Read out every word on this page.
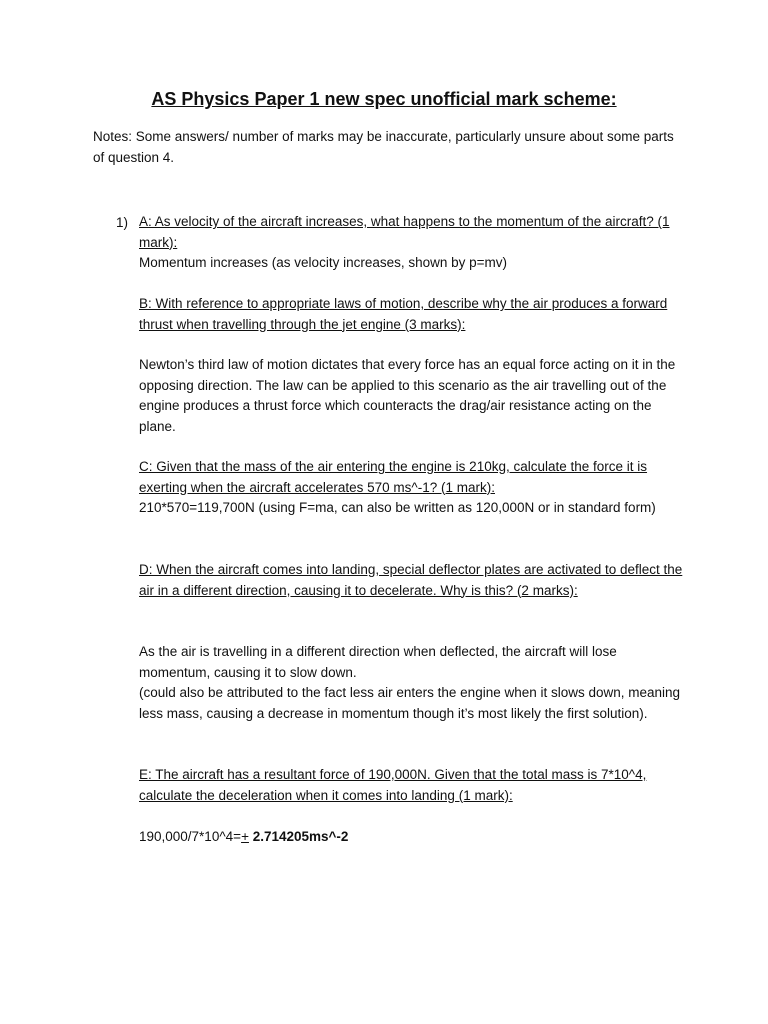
AS Physics Paper 1 new spec unofficial mark scheme:
Notes: Some answers/ number of marks may be inaccurate, particularly unsure about some parts of question 4.
1) A: As velocity of the aircraft increases, what happens to the momentum of the aircraft? (1 mark):
Momentum increases (as velocity increases, shown by p=mv)
B: With reference to appropriate laws of motion, describe why the air produces a forward thrust when travelling through the jet engine (3 marks):
Newton’s third law of motion dictates that every force has an equal force acting on it in the opposing direction. The law can be applied to this scenario as the air travelling out of the engine produces a thrust force which counteracts the drag/air resistance acting on the plane.
C: Given that the mass of the air entering the engine is 210kg, calculate the force it is exerting when the aircraft accelerates 570 ms^-1? (1 mark):
210*570=119,700N (using F=ma, can also be written as 120,000N or in standard form)
D: When the aircraft comes into landing, special deflector plates are activated to deflect the air in a different direction, causing it to decelerate. Why is this? (2 marks):
As the air is travelling in a different direction when deflected, the aircraft will lose momentum, causing it to slow down.
(could also be attributed to the fact less air enters the engine when it slows down, meaning less mass, causing a decrease in momentum though it’s most likely the first solution).
E: The aircraft has a resultant force of 190,000N. Given that the total mass is 7*10^4, calculate the deceleration when it comes into landing (1 mark):
190,000/7*10^4=+ 2.714205ms^-2
